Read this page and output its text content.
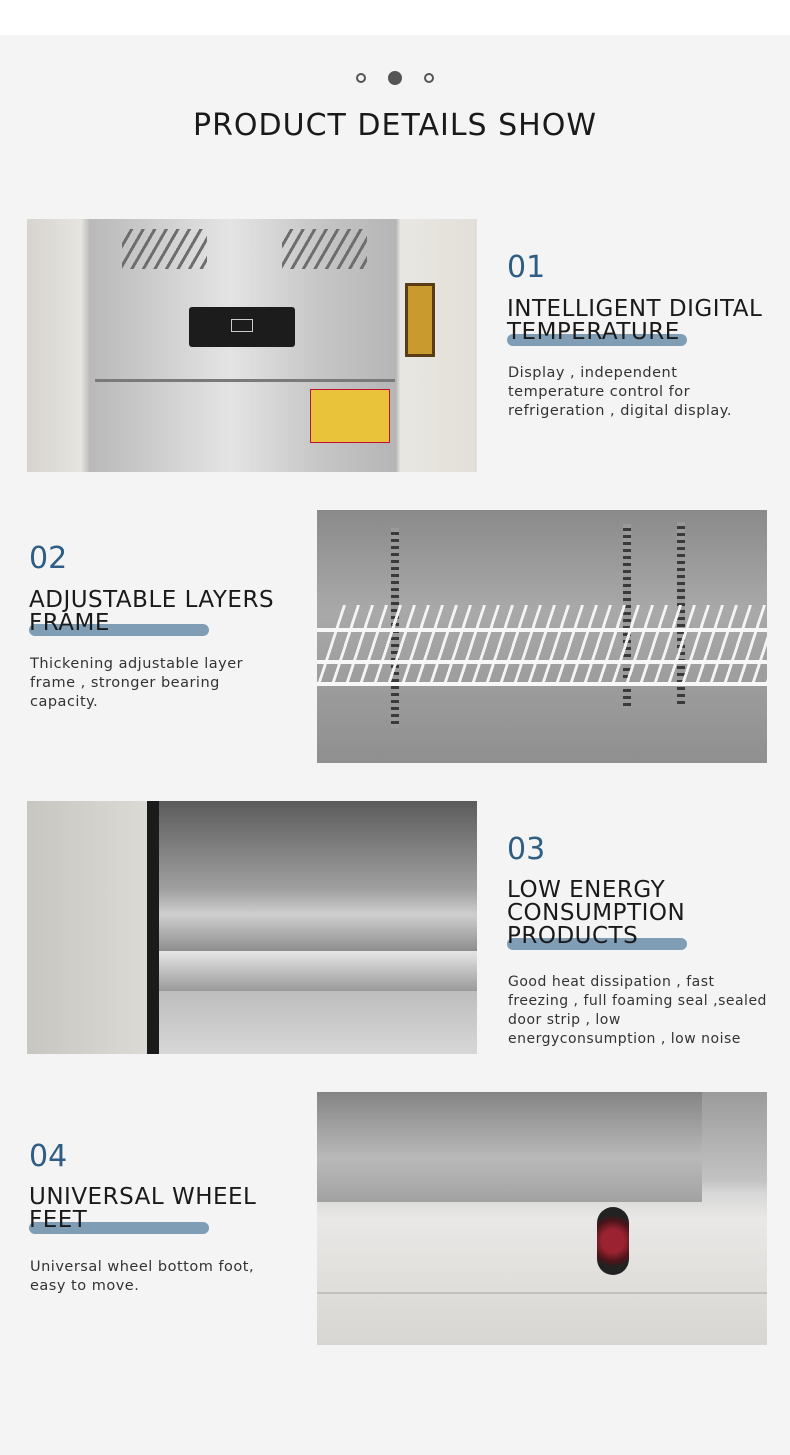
PRODUCT DETAILS SHOW
01
INTELLIGENT DIGITAL
TEMPERATURE
Display , independent temperature control for refrigeration , digital display.
02
ADJUSTABLE LAYERS
FRAME
Thickening adjustable layer frame , stronger bearing capacity.
03
LOW ENERGY
CONSUMPTION
PRODUCTS
Good heat dissipation , fast freezing , full foaming seal ,sealed door strip , low energyconsumption , low noise
04
UNIVERSAL WHEEL
FEET
Universal wheel bottom foot, easy to move.
